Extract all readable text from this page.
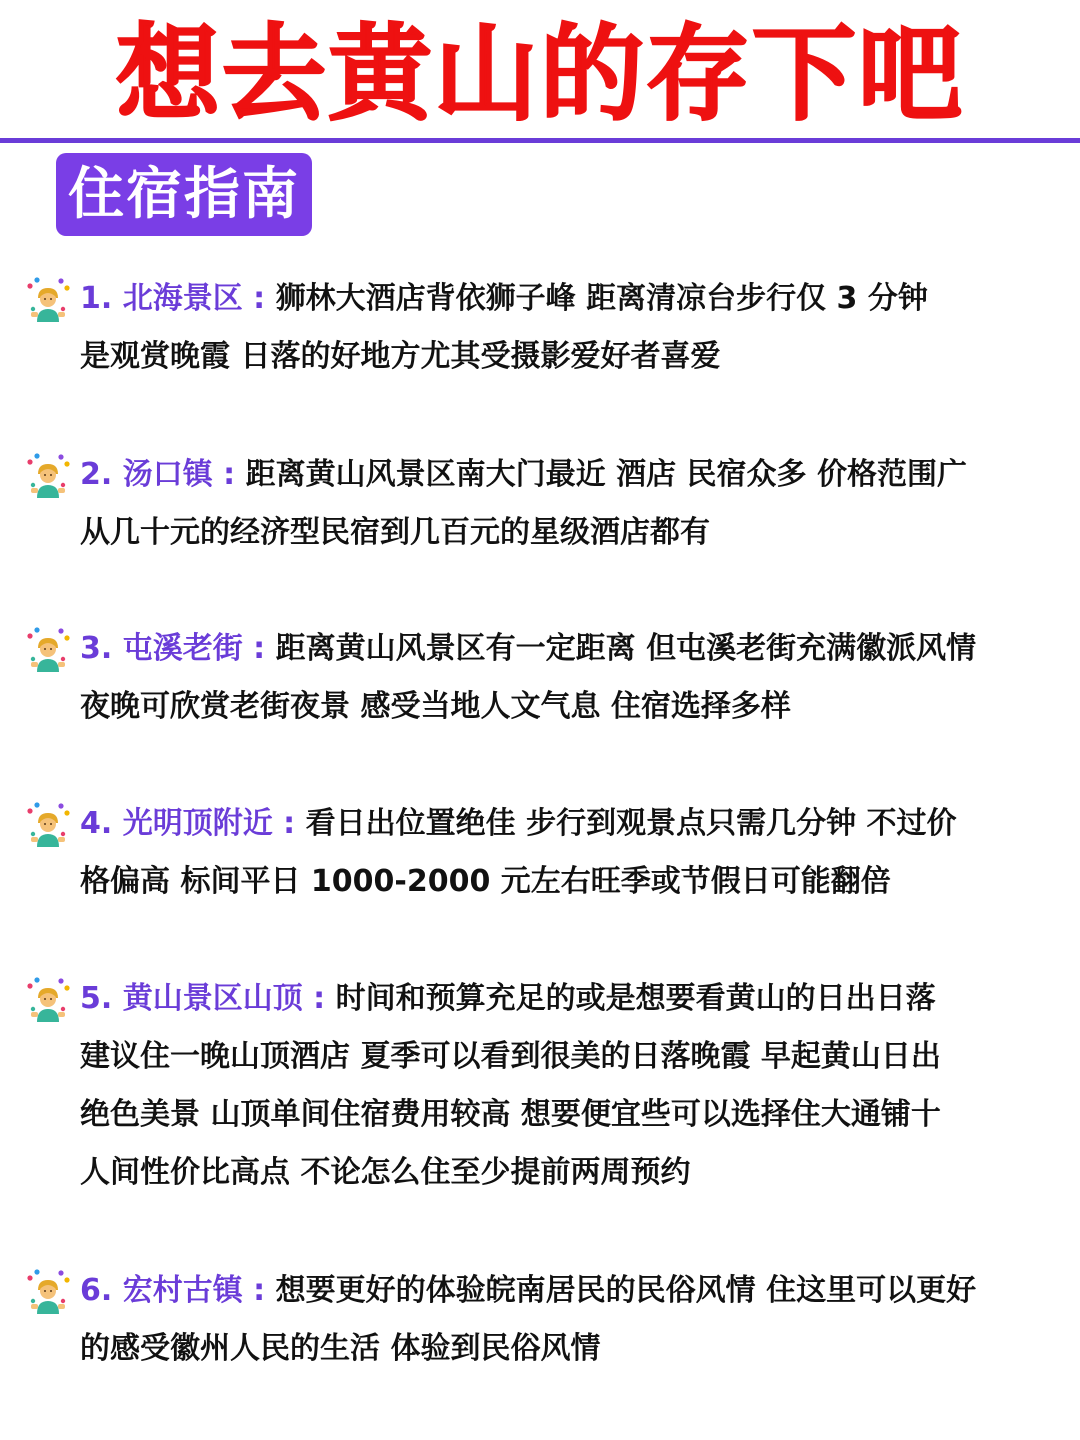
想去黄山的存下吧
住宿指南
1. 北海景区 : 狮林大酒店背依狮子峰 距离清凉台步行仅 3 分钟
是观赏晚霞 日落的好地方尤其受摄影爱好者喜爱
2. 汤口镇 : 距离黄山风景区南大门最近 酒店 民宿众多 价格范围广
从几十元的经济型民宿到几百元的星级酒店都有
3. 屯溪老街 : 距离黄山风景区有一定距离 但屯溪老街充满徽派风情
夜晚可欣赏老街夜景 感受当地人文气息 住宿选择多样
4. 光明顶附近 : 看日出位置绝佳 步行到观景点只需几分钟 不过价
格偏高 标间平日 1000-2000 元左右旺季或节假日可能翻倍
5. 黄山景区山顶 : 时间和预算充足的或是想要看黄山的日出日落
建议住一晚山顶酒店 夏季可以看到很美的日落晚霞 早起黄山日出
绝色美景 山顶单间住宿费用较高 想要便宜些可以选择住大通铺十
人间性价比高点 不论怎么住至少提前两周预约
6. 宏村古镇 : 想要更好的体验皖南居民的民俗风情 住这里可以更好
的感受徽州人民的生活 体验到民俗风情
